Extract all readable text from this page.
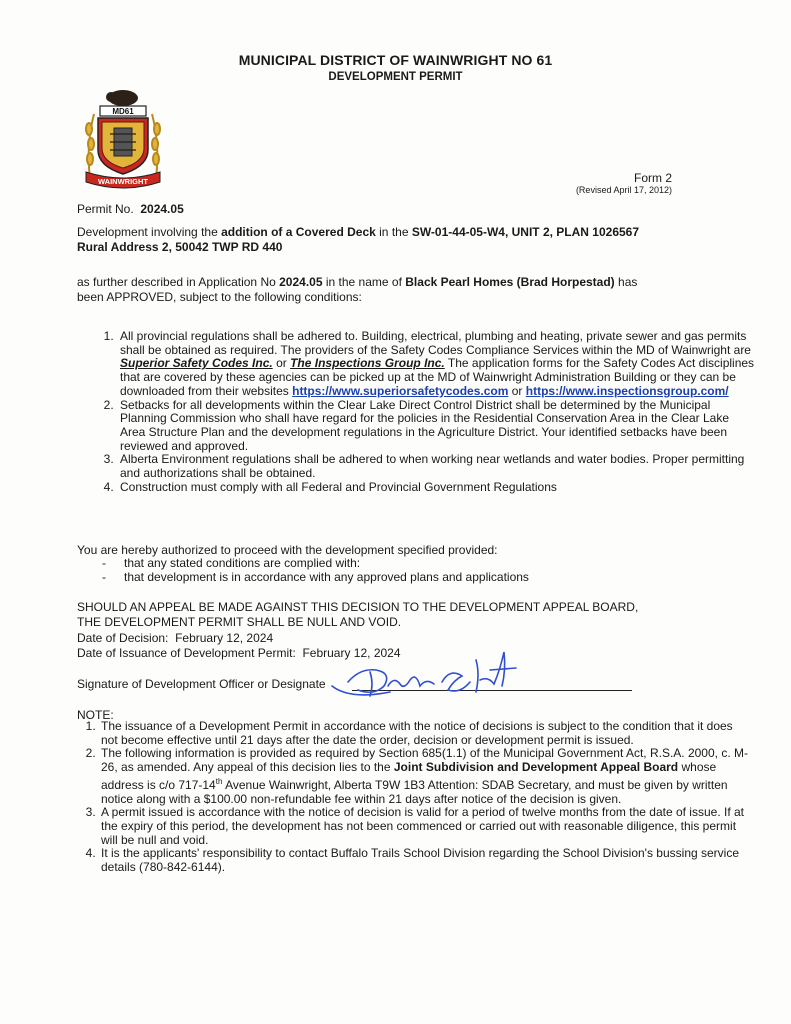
MUNICIPAL DISTRICT OF WAINWRIGHT NO 61
DEVELOPMENT PERMIT
MD61
WAINWRIGHT	Form 2
(Revised April 17, 2012)
Permit No. 2024.05
Development involving the addition of a Covered Deck in the SW-01-44-05-W4, UNIT 2, PLAN 1026567
Rural Address 2, 50042 TWP RD 440
as further described in Application No 2024.05 in the name of Black Pearl Homes (Brad Horpestad) has
been APPROVED, subject to the following conditions:
1. All provincial regulations shall be adhered to. Building, electrical, plumbing and heating, private sewer and gas permits shall be obtained as required. The providers of the Safety Codes Compliance Services within the MD of Wainwright are Superior Safety Codes Inc. or The Inspections Group Inc. The application forms for the Safety Codes Act disciplines that are covered by these agencies can be picked up at the MD of Wainwright Administration Building or they can be downloaded from their websites https://www.superiorsafetycodes.com or https://www.inspectionsgroup.com/
2. Setbacks for all developments within the Clear Lake Direct Control District shall be determined by the Municipal Planning Commission who shall have regard for the policies in the Residential Conservation Area in the Clear Lake Area Structure Plan and the development regulations in the Agriculture District. Your identified setbacks have been reviewed and approved.
3. Alberta Environment regulations shall be adhered to when working near wetlands and water bodies. Proper permitting and authorizations shall be obtained.
4. Construction must comply with all Federal and Provincial Government Regulations
You are hereby authorized to proceed with the development specified provided:
- that any stated conditions are complied with:
- that development is in accordance with any approved plans and applications
SHOULD AN APPEAL BE MADE AGAINST THIS DECISION TO THE DEVELOPMENT APPEAL BOARD,
THE DEVELOPMENT PERMIT SHALL BE NULL AND VOID.
Date of Decision: February 12, 2024
Date of Issuance of Development Permit: February 12, 2024
Signature of Development Officer or Designate
NOTE:
1. The issuance of a Development Permit in accordance with the notice of decisions is subject to the condition that it does not become effective until 21 days after the date the order, decision or development permit is issued.
2. The following information is provided as required by Section 685(1.1) of the Municipal Government Act, R.S.A. 2000, c. M-26, as amended. Any appeal of this decision lies to the Joint Subdivision and Development Appeal Board whose address is c/o 717-14th Avenue Wainwright, Alberta T9W 1B3 Attention: SDAB Secretary, and must be given by written notice along with a $100.00 non-refundable fee within 21 days after notice of the decision is given.
3. A permit issued is accordance with the notice of decision is valid for a period of twelve months from the date of issue. If at the expiry of this period, the development has not been commenced or carried out with reasonable diligence, this permit will be null and void.
4. It is the applicants' responsibility to contact Buffalo Trails School Division regarding the School Division's bussing service details (780-842-6144).
